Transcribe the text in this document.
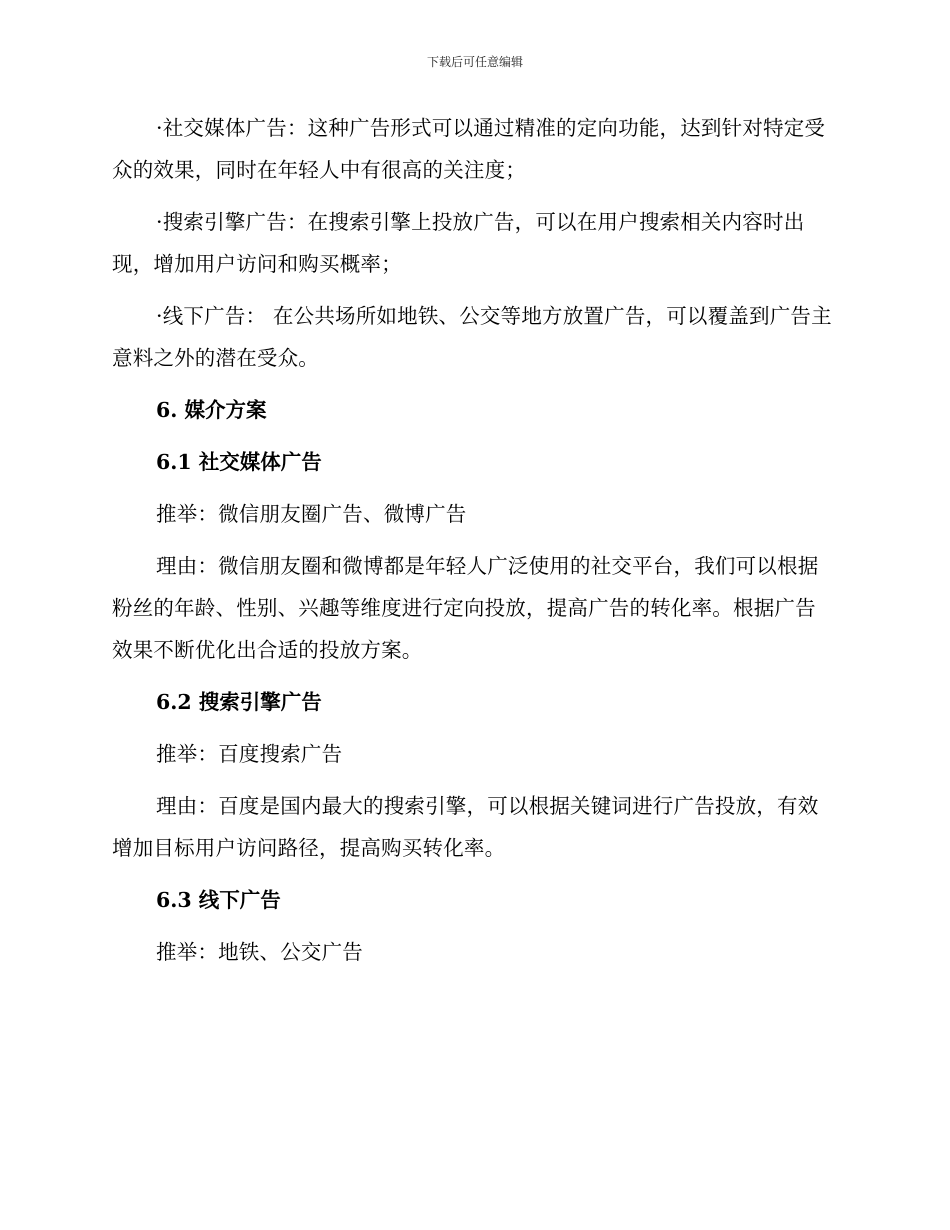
下载后可任意编辑

·社交媒体广告：这种广告形式可以通过精准的定向功能，达到针对特定受众的效果，同时在年轻人中有很高的关注度；

·搜索引擎广告：在搜索引擎上投放广告，可以在用户搜索相关内容时出现，增加用户访问和购买概率；

·线下广告： 在公共场所如地铁、公交等地方放置广告，可以覆盖到广告主意料之外的潜在受众。

6. 媒介方案

6.1 社交媒体广告

推举：微信朋友圈广告、微博广告

理由：微信朋友圈和微博都是年轻人广泛使用的社交平台，我们可以根据粉丝的年龄、性别、兴趣等维度进行定向投放，提高广告的转化率。根据广告效果不断优化出合适的投放方案。

6.2 搜索引擎广告

推举：百度搜索广告

理由：百度是国内最大的搜索引擎，可以根据关键词进行广告投放，有效增加目标用户访问路径，提高购买转化率。

6.3 线下广告

推举：地铁、公交广告
